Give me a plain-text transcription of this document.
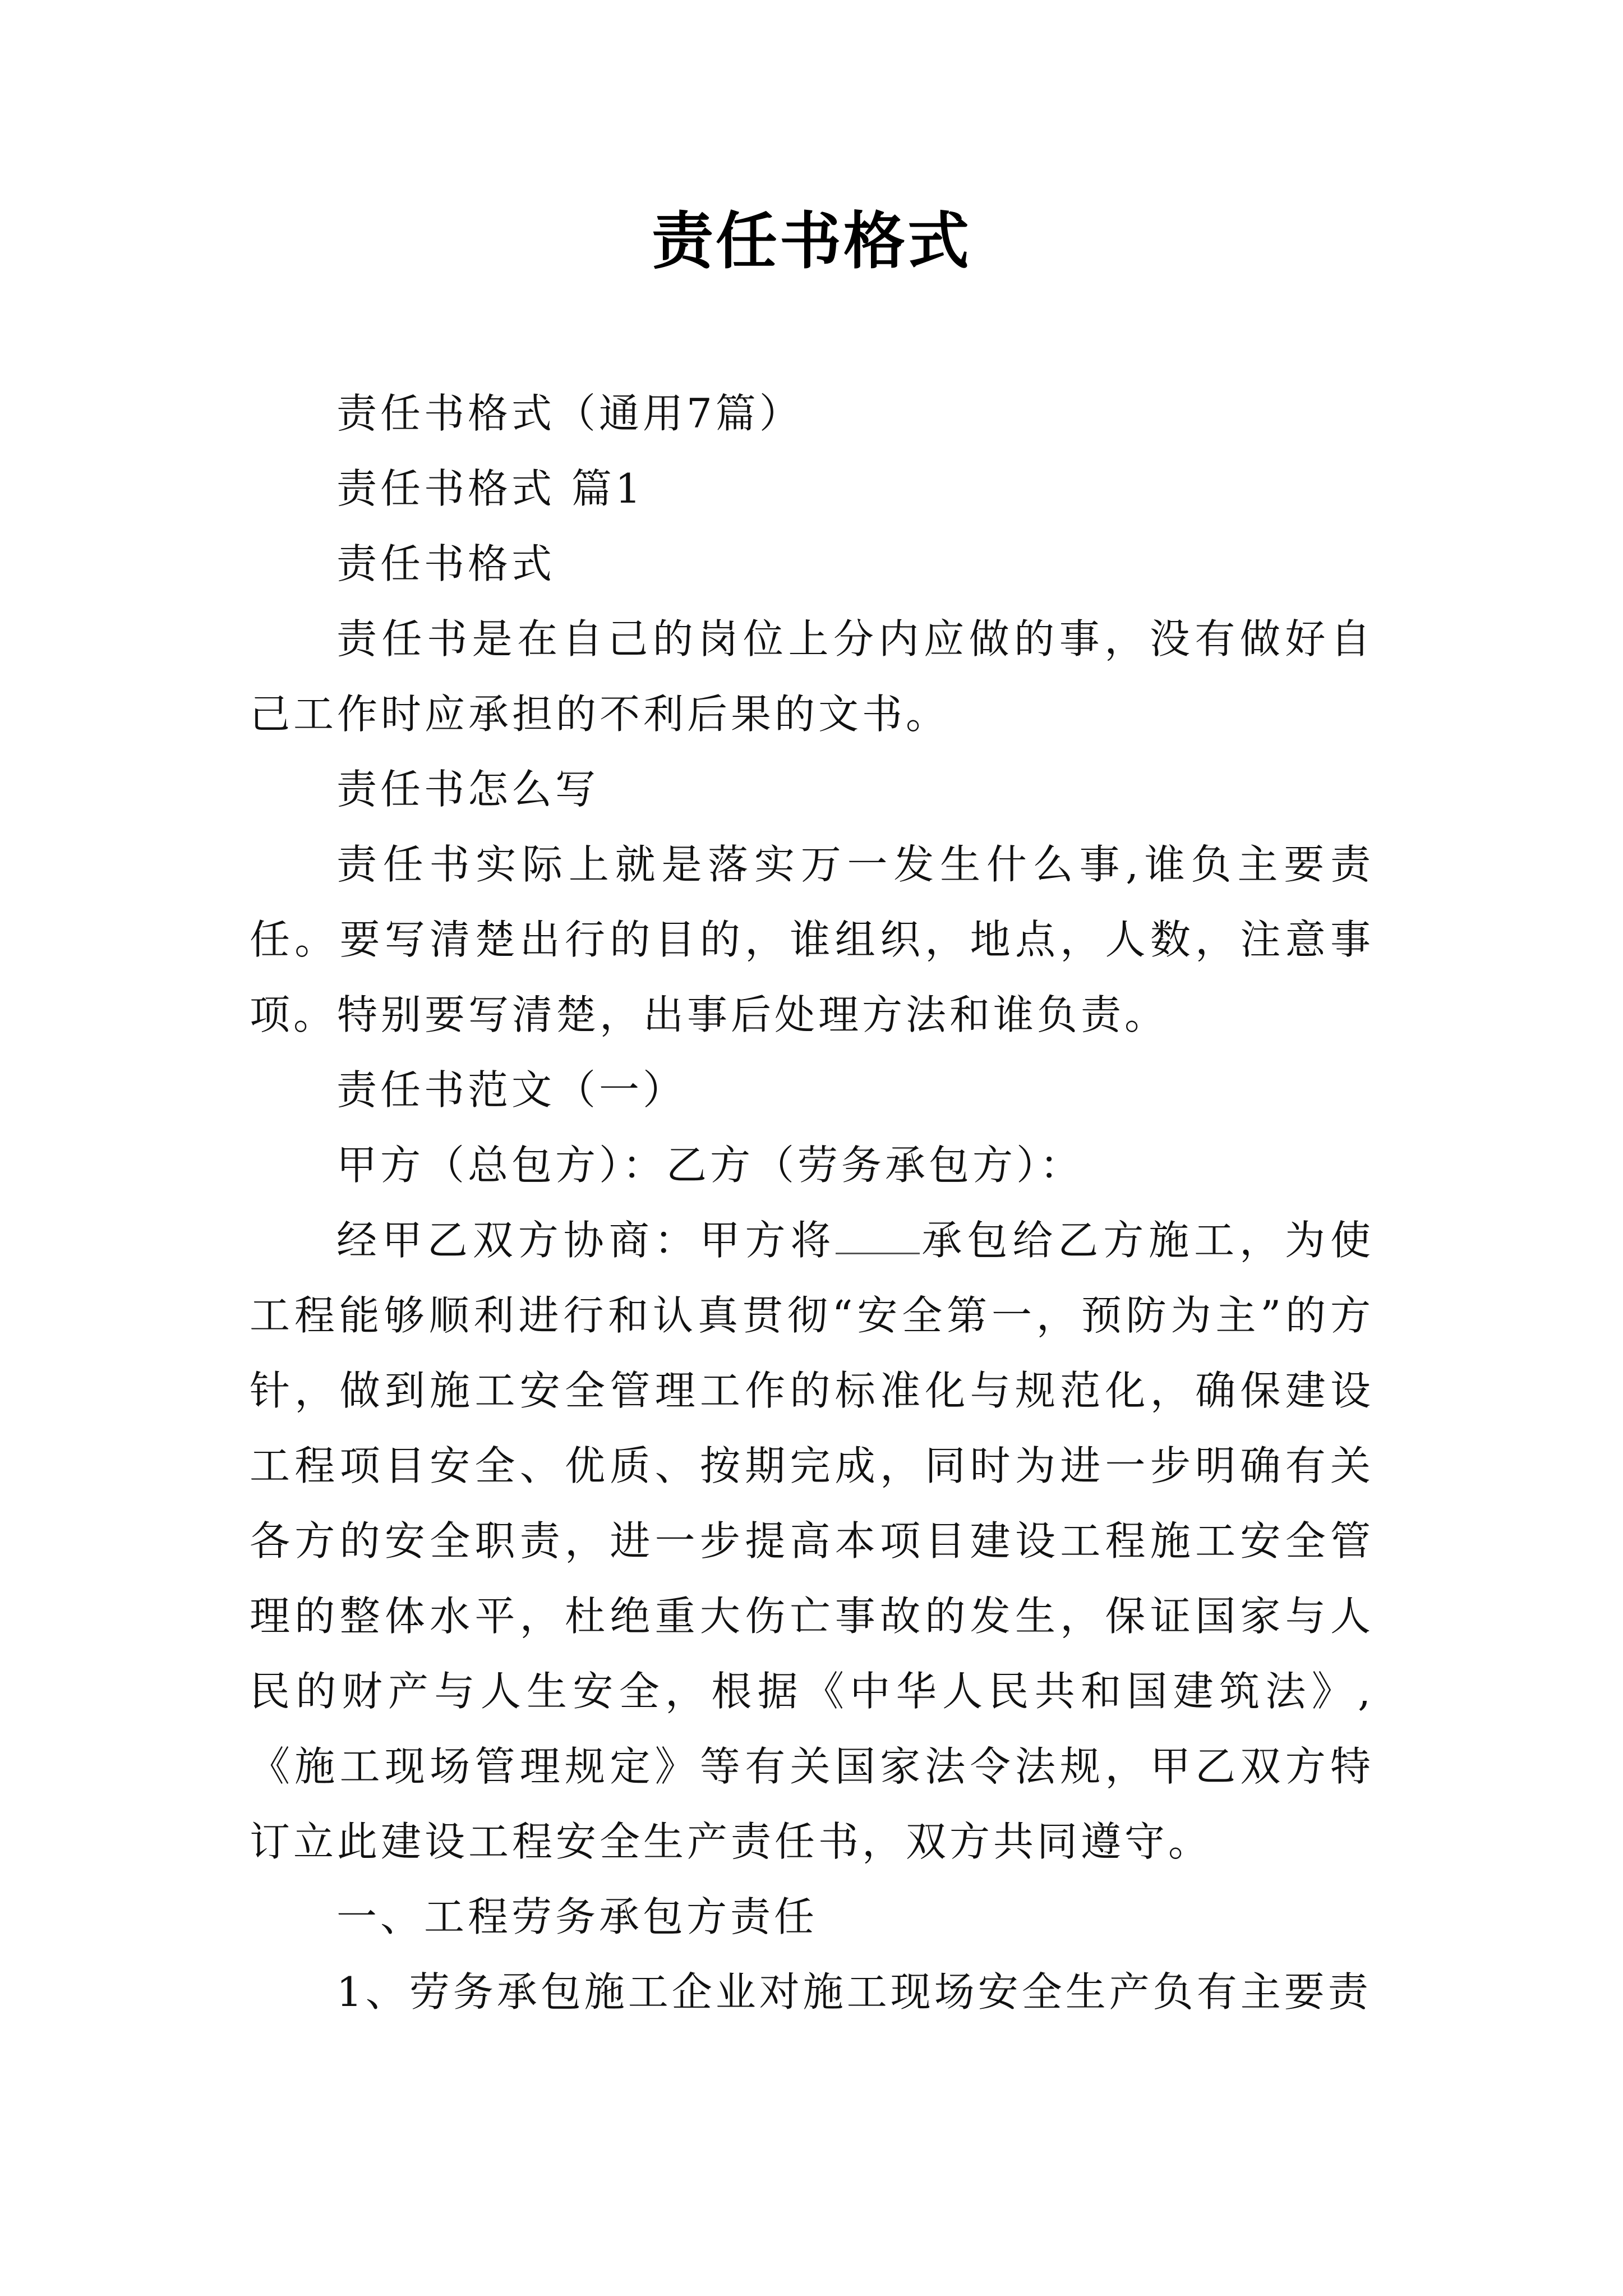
责任书格式

责任书格式（通用7篇）

责任书格式 篇1

责任书格式

责任书是在自己的岗位上分内应做的事，没有做好自己工作时应承担的不利后果的文书。

责任书怎么写

责任书实际上就是落实万一发生什么事,谁负主要责任。要写清楚出行的目的，谁组织，地点，人数，注意事项。特别要写清楚，出事后处理方法和谁负责。

责任书范文（一）

甲方（总包方）：乙方（劳务承包方）：

经甲乙双方协商：甲方将 承包给乙方施工，为使工程能够顺利进行和认真贯彻“安全第一，预防为主”的方针，做到施工安全管理工作的标准化与规范化，确保建设工程项目安全、优质、按期完成，同时为进一步明确有关各方的安全职责，进一步提高本项目建设工程施工安全管理的整体水平，杜绝重大伤亡事故的发生，保证国家与人民的财产与人生安全，根据《中华人民共和国建筑法》,《施工现场管理规定》等有关国家法令法规，甲乙双方特订立此建设工程安全生产责任书，双方共同遵守。

一、工程劳务承包方责任

1、劳务承包施工企业对施工现场安全生产负有主要责
